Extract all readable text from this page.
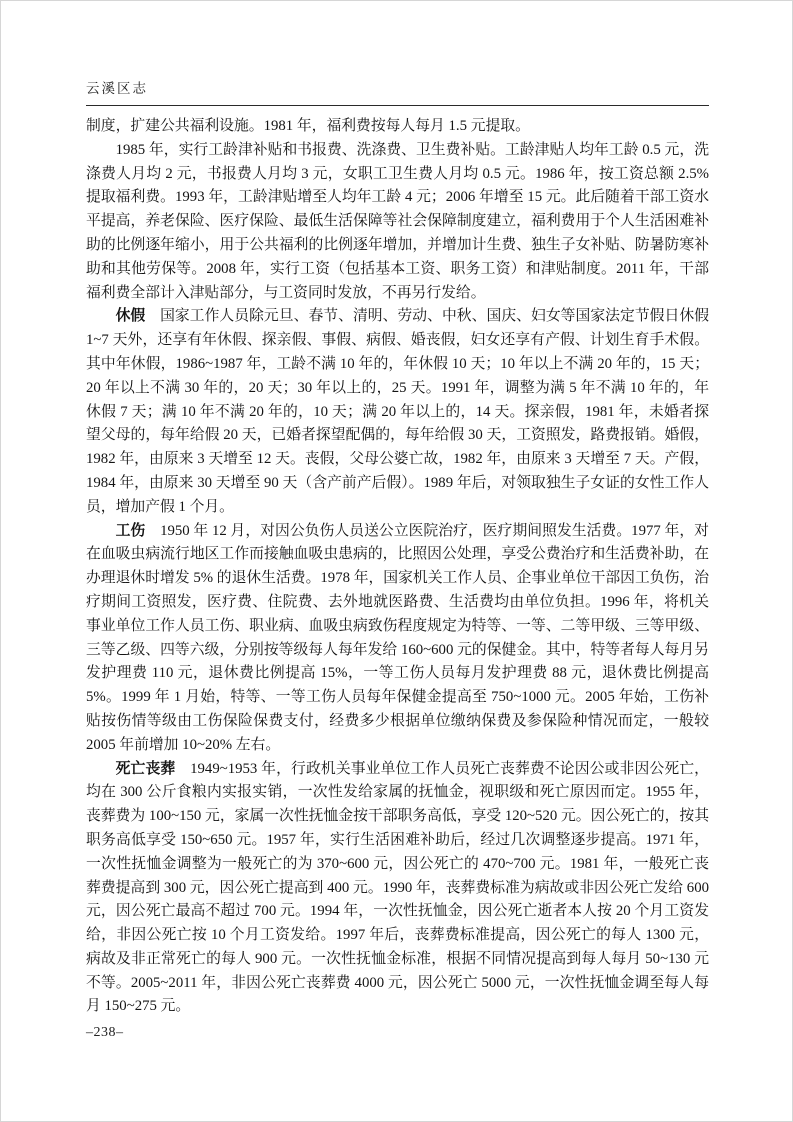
云溪区志

制度，扩建公共福利设施。1981 年，福利费按每人每月 1.5 元提取。

1985 年，实行工龄津补贴和书报费、洗涤费、卫生费补贴。工龄津贴人均年工龄 0.5 元，洗涤费人月均 2 元，书报费人月均 3 元，女职工卫生费人月均 0.5 元。1986 年，按工资总额 2.5% 提取福利费。1993 年，工龄津贴增至人均年工龄 4 元；2006 年增至 15 元。此后随着干部工资水平提高，养老保险、医疗保险、最低生活保障等社会保障制度建立，福利费用于个人生活困难补助的比例逐年缩小，用于公共福利的比例逐年增加，并增加计生费、独生子女补贴、防暑防寒补助和其他劳保等。2008 年，实行工资（包括基本工资、职务工资）和津贴制度。2011 年，干部福利费全部计入津贴部分，与工资同时发放，不再另行发给。

休假 国家工作人员除元旦、春节、清明、劳动、中秋、国庆、妇女等国家法定节假日休假 1~7 天外，还享有年休假、探亲假、事假、病假、婚丧假，妇女还享有产假、计划生育手术假。其中年休假，1986~1987 年，工龄不满 10 年的，年休假 10 天；10 年以上不满 20 年的，15 天；20 年以上不满 30 年的，20 天；30 年以上的，25 天。1991 年，调整为满 5 年不满 10 年的，年休假 7 天；满 10 年不满 20 年的，10 天；满 20 年以上的，14 天。探亲假，1981 年，未婚者探望父母的，每年给假 20 天，已婚者探望配偶的，每年给假 30 天，工资照发，路费报销。婚假，1982 年，由原来 3 天增至 12 天。丧假，父母公婆亡故，1982 年，由原来 3 天增至 7 天。产假，1984 年，由原来 30 天增至 90 天（含产前产后假）。1989 年后，对领取独生子女证的女性工作人员，增加产假 1 个月。

工伤 1950 年 12 月，对因公负伤人员送公立医院治疗，医疗期间照发生活费。1977 年，对在血吸虫病流行地区工作而接触血吸虫患病的，比照因公处理，享受公费治疗和生活费补助，在办理退休时增发 5% 的退休生活费。1978 年，国家机关工作人员、企事业单位干部因工负伤，治疗期间工资照发，医疗费、住院费、去外地就医路费、生活费均由单位负担。1996 年，将机关事业单位工作人员工伤、职业病、血吸虫病致伤程度规定为特等、一等、二等甲级、三等甲级、三等乙级、四等六级，分别按等级每人每年发给 160~600 元的保健金。其中，特等者每人每月另发护理费 110 元，退休费比例提高 15%，一等工伤人员每月发护理费 88 元，退休费比例提高 5%。1999 年 1 月始，特等、一等工伤人员每年保健金提高至 750~1000 元。2005 年始，工伤补贴按伤情等级由工伤保险保费支付，经费多少根据单位缴纳保费及参保险种情况而定，一般较 2005 年前增加 10~20% 左右。

死亡丧葬 1949~1953 年，行政机关事业单位工作人员死亡丧葬费不论因公或非因公死亡，均在 300 公斤食粮内实报实销，一次性发给家属的抚恤金，视职级和死亡原因而定。1955 年，丧葬费为 100~150 元，家属一次性抚恤金按干部职务高低，享受 120~520 元。因公死亡的，按其职务高低享受 150~650 元。1957 年，实行生活困难补助后，经过几次调整逐步提高。1971 年，一次性抚恤金调整为一般死亡的为 370~600 元，因公死亡的 470~700 元。1981 年，一般死亡丧葬费提高到 300 元，因公死亡提高到 400 元。1990 年，丧葬费标准为病故或非因公死亡发给 600 元，因公死亡最高不超过 700 元。1994 年，一次性抚恤金，因公死亡逝者本人按 20 个月工资发给，非因公死亡按 10 个月工资发给。1997 年后，丧葬费标准提高，因公死亡的每人 1300 元，病故及非正常死亡的每人 900 元。一次性抚恤金标准，根据不同情况提高到每人每月 50~130 元不等。2005~2011 年，非因公死亡丧葬费 4000 元，因公死亡 5000 元，一次性抚恤金调至每人每月 150~275 元。

–238–
